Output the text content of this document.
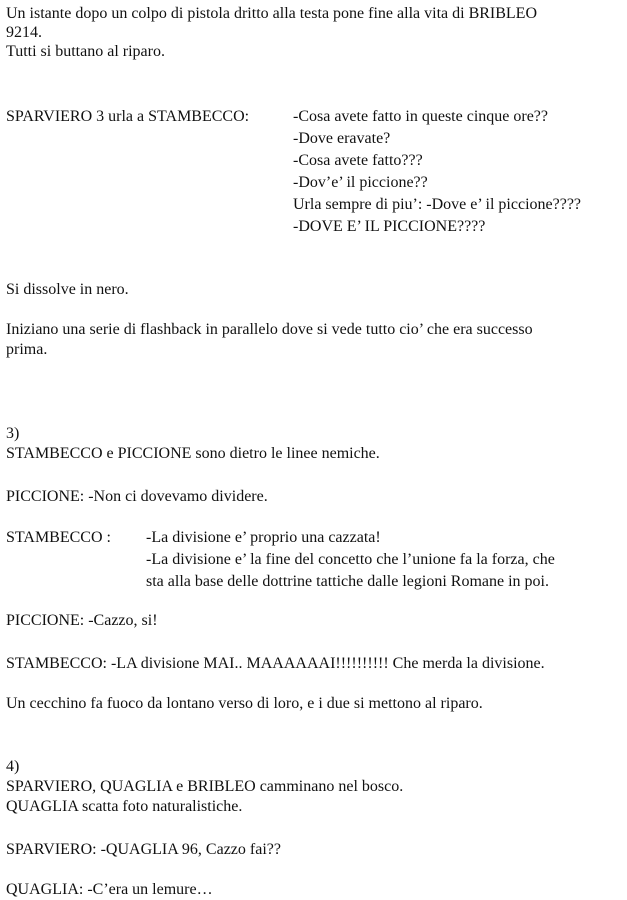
Un istante dopo un colpo di pistola dritto alla testa pone fine alla vita di BRIBLEO
9214.
Tutti si buttano al riparo.
SPARVIERO 3 urla a STAMBECCO:	-Cosa avete fatto in queste cinque ore??
-Dove eravate?
-Cosa avete fatto???
-Dov’e’ il piccione??
Urla sempre di piu’: -Dove e’ il piccione????
-DOVE E’ IL PICCIONE????
Si dissolve in nero.
Iniziano una serie di flashback in parallelo dove si vede tutto cio’ che era successo
prima.
3)
STAMBECCO e PICCIONE sono dietro le linee nemiche.
PICCIONE: -Non ci dovevamo dividere.
STAMBECCO : -La divisione e’ proprio una cazzata!
-La divisione e’ la fine del concetto che l’unione fa la forza, che
sta alla base delle dottrine tattiche dalle legioni Romane in poi.
PICCIONE: -Cazzo, si!
STAMBECCO: -LA divisione MAI.. MAAAAAAI!!!!!!!!!! Che merda la divisione.
Un cecchino fa fuoco da lontano verso di loro, e i due si mettono al riparo.
4)
SPARVIERO, QUAGLIA e BRIBLEO camminano nel bosco.
QUAGLIA scatta foto naturalistiche.
SPARVIERO: -QUAGLIA 96, Cazzo fai??
QUAGLIA: -C’era un lemure…
